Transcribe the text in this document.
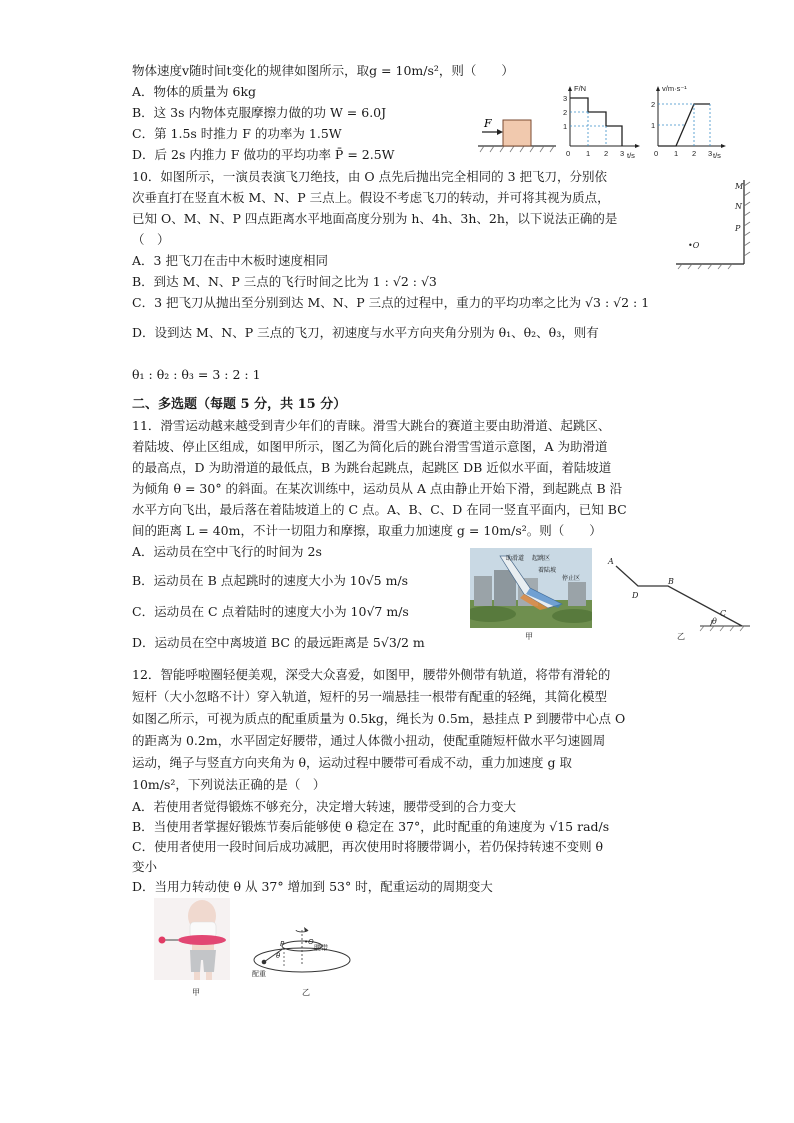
物体速度v随时间t变化的规律如图所示，取g = 10m/s²，则（　　）
A．物体的质量为 6kg
B．这 3s 内物体克服摩擦力做的功 W = 6.0J
C．第 1.5s 时推力 F 的功率为 1.5W
D．后 2s 内推力 F 做功的平均功率 P̄ = 2.5W
F
F/N
t/s
3
2
1
0 1 2 3
v/m·s⁻¹
t/s
2
1
0 1 2 3
10．如图所示，一演员表演飞刀绝技，由 O 点先后抛出完全相同的 3 把飞刀，分别依
次垂直打在竖直木板 M、N、P 三点上。假设不考虑飞刀的转动，并可将其视为质点，
已知 O、M、N、P 四点距离水平地面高度分别为 h、4h、3h、2h，以下说法正确的是
（　）
A．3 把飞刀在击中木板时速度相同
B．到达 M、N、P 三点的飞行时间之比为 1 : √2 : √3
C．3 把飞刀从抛出至分别到达 M、N、P 三点的过程中，重力的平均功率之比为 √3 : √2 : 1
D．设到达 M、N、P 三点的飞刀，初速度与水平方向夹角分别为 θ₁、θ₂、θ₃，则有
θ₁ : θ₂ : θ₃ = 3 : 2 : 1
M
N
P
•O
二、多选题（每题 5 分，共 15 分）
11．滑雪运动越来越受到青少年们的青睐。滑雪大跳台的赛道主要由助滑道、起跳区、
着陆坡、停止区组成，如图甲所示，图乙为简化后的跳台滑雪雪道示意图，A 为助滑道
的最高点，D 为助滑道的最低点，B 为跳台起跳点，起跳区 DB 近似水平面，着陆坡道
为倾角 θ = 30° 的斜面。在某次训练中，运动员从 A 点由静止开始下滑，到起跳点 B 沿
水平方向飞出，最后落在着陆坡道上的 C 点。A、B、C、D 在同一竖直平面内，已知 BC
间的距离 L = 40m，不计一切阻力和摩擦，取重力加速度 g = 10m/s²。则（　　）
A．运动员在空中飞行的时间为 2s
B．运动员在 B 点起跳时的速度大小为 10√5 m/s
C．运动员在 C 点着陆时的速度大小为 10√7 m/s
D．运动员在空中离坡道 BC 的最远距离是 5√3/2 m
助滑道 起跳区
着陆坡
停止区
甲
A
D
B
C
θ
乙
12．智能呼啦圈轻便美观，深受大众喜爱，如图甲，腰带外侧带有轨道，将带有滑轮的
短杆（大小忽略不计）穿入轨道，短杆的另一端悬挂一根带有配重的轻绳，其简化模型
如图乙所示，可视为质点的配重质量为 0.5kg，绳长为 0.5m，悬挂点 P 到腰带中心点 O
的距离为 0.2m，水平固定好腰带，通过人体微小扭动，使配重随短杆做水平匀速圆周
运动，绳子与竖直方向夹角为 θ，运动过程中腰带可看成不动，重力加速度 g 取
10m/s²，下列说法正确的是（　）
A．若使用者觉得锻炼不够充分，决定增大转速，腰带受到的合力变大
B．当使用者掌握好锻炼节奏后能够使 θ 稳定在 37°，此时配重的角速度为 √15 rad/s
C．使用者使用一段时间后成功减肥，再次使用时将腰带调小，若仍保持转速不变则 θ
变小
D．当用力转动使 θ 从 37° 增加到 53° 时，配重运动的周期变大
甲
•O
P	腰带
配重
θ
乙
